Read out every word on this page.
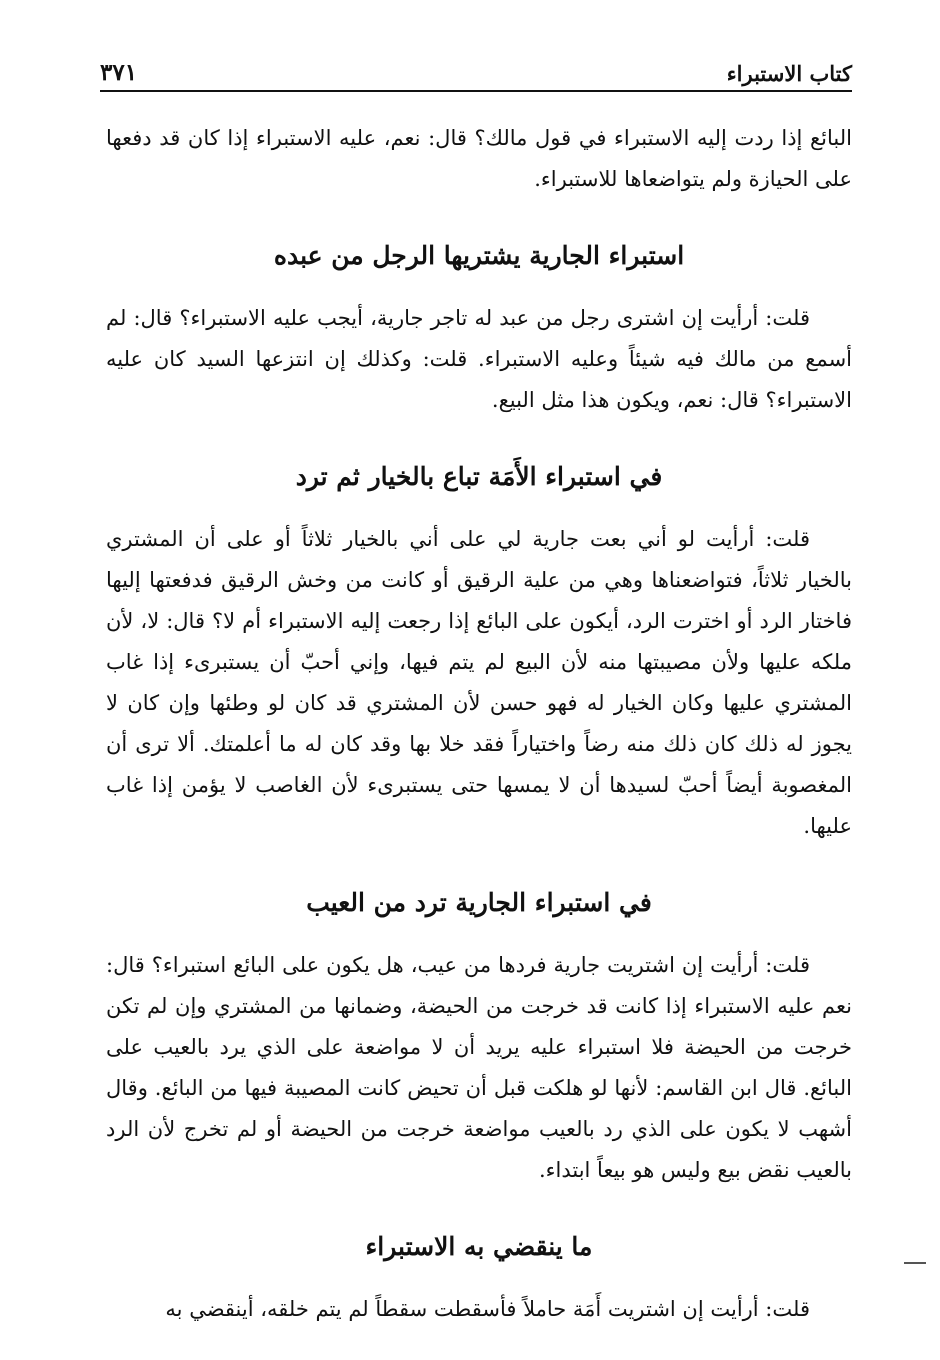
كتاب الاستبراء
٣٧١

البائع إذا ردت إليه الاستبراء في قول مالك؟ قال: نعم، عليه الاستبراء إذا كان قد دفعها على الحيازة ولم يتواضعاها للاستبراء.

استبراء الجارية يشتريها الرجل من عبده

قلت: أرأيت إن اشترى رجل من عبد له تاجر جارية، أيجب عليه الاستبراء؟ قال: لم أسمع من مالك فيه شيئاً وعليه الاستبراء. قلت: وكذلك إن انتزعها السيد كان عليه الاستبراء؟ قال: نعم، ويكون هذا مثل البيع.

في استبراء الأَمَة تباع بالخيار ثم ترد

قلت: أرأيت لو أني بعت جارية لي على أني بالخيار ثلاثاً أو على أن المشتري بالخيار ثلاثاً، فتواضعناها وهي من علية الرقيق أو كانت من وخش الرقيق فدفعتها إليها فاختار الرد أو اخترت الرد، أيكون على البائع إذا رجعت إليه الاستبراء أم لا؟ قال: لا، لأن ملكه عليها ولأن مصيبتها منه لأن البيع لم يتم فيها، وإني أحبّ أن يستبرىء إذا غاب المشتري عليها وكان الخيار له فهو حسن لأن المشتري قد كان لو وطئها وإن كان لا يجوز له ذلك كان ذلك منه رضاً واختياراً فقد خلا بها وقد كان له ما أعلمتك. ألا ترى أن المغصوبة أيضاً أحبّ لسيدها أن لا يمسها حتى يستبرىء لأن الغاصب لا يؤمن إذا غاب عليها.

في استبراء الجارية ترد من العيب

قلت: أرأيت إن اشتريت جارية فردها من عيب، هل يكون على البائع استبراء؟ قال: نعم عليه الاستبراء إذا كانت قد خرجت من الحيضة، وضمانها من المشتري وإن لم تكن خرجت من الحيضة فلا استبراء عليه يريد أن لا مواضعة على الذي يرد بالعيب على البائع. قال ابن القاسم: لأنها لو هلكت قبل أن تحيض كانت المصيبة فيها من البائع. وقال أشهب لا يكون على الذي رد بالعيب مواضعة خرجت من الحيضة أو لم تخرج لأن الرد بالعيب نقض بيع وليس هو بيعاً ابتداء.

ما ينقضي به الاستبراء

قلت: أرأيت إن اشتريت أَمَة حاملاً فأسقطت سقطاً لم يتم خلقه، أينقضي به
